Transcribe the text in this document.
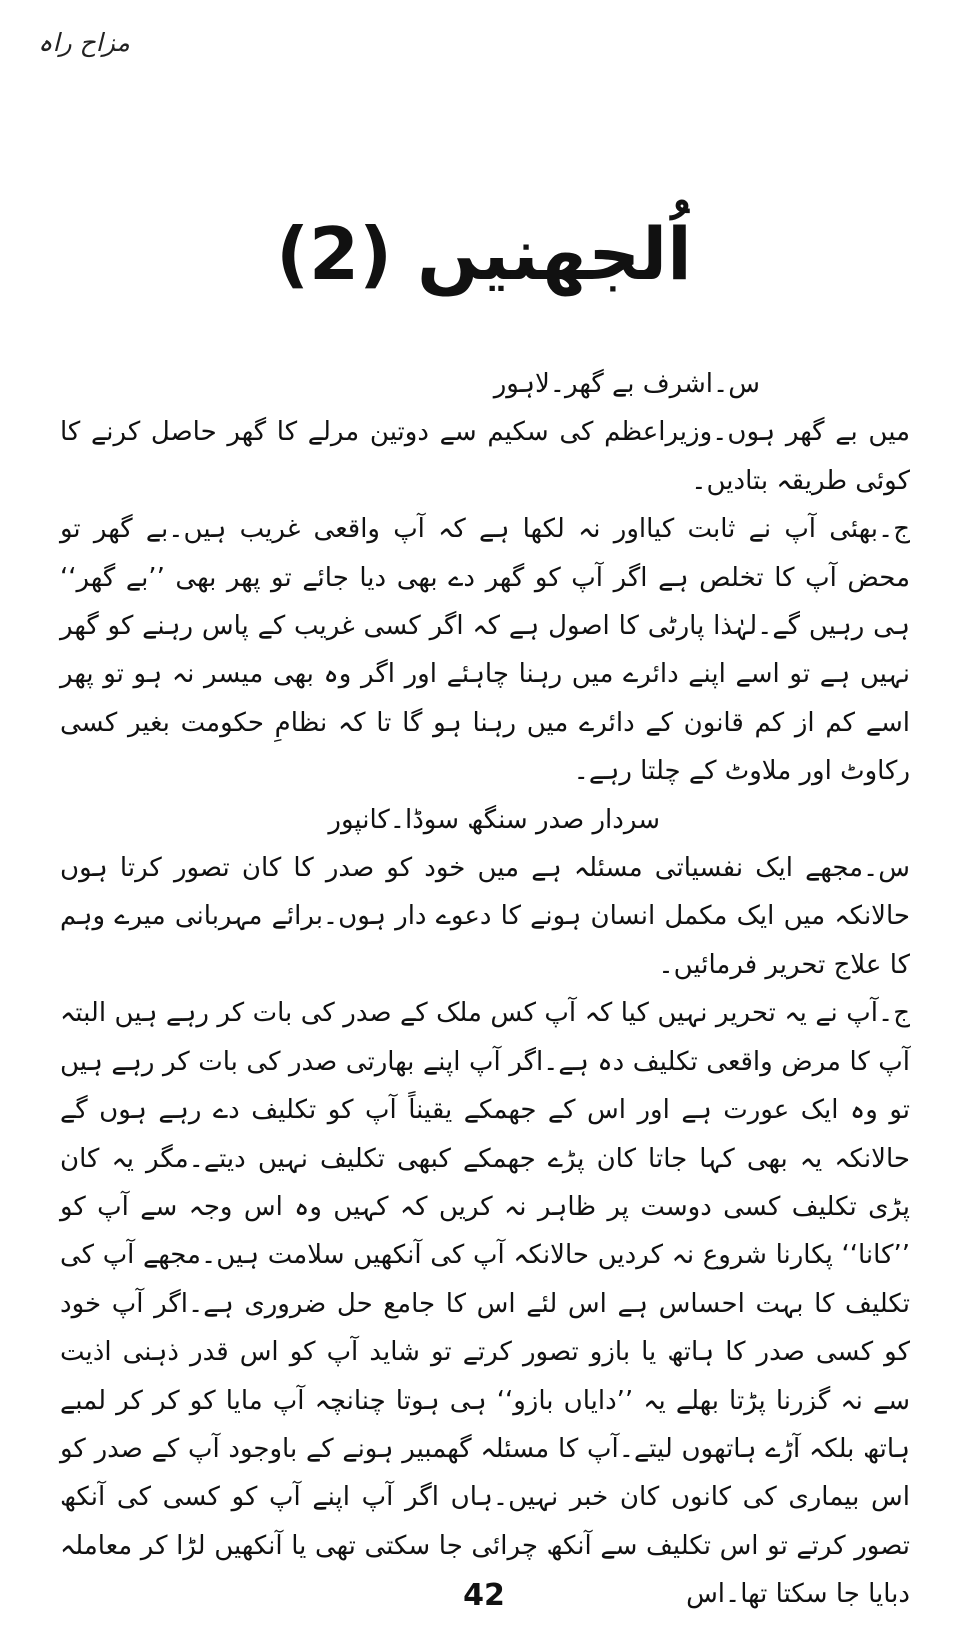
مزاح راہ
اُلجھنیں (2)

س۔اشرف بے گھر۔لاہور

میں بے گھر ہوں۔وزیراعظم کی سکیم سے دوتین مرلے کا گھر حاصل کرنے کا کوئی طریقہ بتادیں۔

ج۔بھئی آپ نے ثابت کیااور نہ لکھا ہے کہ آپ واقعی غریب ہیں۔بے گھر تو محض آپ کا تخلص ہے اگر آپ کو گھر دے بھی دیا جائے تو پھر بھی ’’بے گھر‘‘ ہی رہیں گے۔لہٰذا پارٹی کا اصول ہے کہ اگر کسی غریب کے پاس رہنے کو گھر نہیں ہے تو اسے اپنے دائرے میں رہنا چاہئے اور اگر وہ بھی میسر نہ ہو تو پھر اسے کم از کم قانون کے دائرے میں رہنا ہو گا تا کہ نظامِ حکومت بغیر کسی رکاوٹ اور ملاوٹ کے چلتا رہے۔

سردار صدر سنگھ سوڈا۔کانپور

س۔مجھے ایک نفسیاتی مسئلہ ہے میں خود کو صدر کا کان تصور کرتا ہوں حالانکہ میں ایک مکمل انسان ہونے کا دعوے دار ہوں۔برائے مہربانی میرے وہم کا علاج تحریر فرمائیں۔

ج۔آپ نے یہ تحریر نہیں کیا کہ آپ کس ملک کے صدر کی بات کر رہے ہیں البتہ آپ کا مرض واقعی تکلیف دہ ہے۔اگر آپ اپنے بھارتی صدر کی بات کر رہے ہیں تو وہ ایک عورت ہے اور اس کے جھمکے یقیناً آپ کو تکلیف دے رہے ہوں گے حالانکہ یہ بھی کہا جاتا کان پڑے جھمکے کبھی تکلیف نہیں دیتے۔مگر یہ کان پڑی تکلیف کسی دوست پر ظاہر نہ کریں کہ کہیں وہ اس وجہ سے آپ کو ’’کانا‘‘ پکارنا شروع نہ کردیں حالانکہ آپ کی آنکھیں سلامت ہیں۔مجھے آپ کی تکلیف کا بہت احساس ہے اس لئے اس کا جامع حل ضروری ہے۔اگر آپ خود کو کسی صدر کا ہاتھ یا بازو تصور کرتے تو شاید آپ کو اس قدر ذہنی اذیت سے نہ گزرنا پڑتا بھلے یہ ’’دایاں بازو‘‘ ہی ہوتا چنانچہ آپ مایا کو کر کر لمبے ہاتھ بلکہ آڑے ہاتھوں لیتے۔آپ کا مسئلہ گھمبیر ہونے کے باوجود آپ کے صدر کو اس بیماری کی کانوں کان خبر نہیں۔ہاں اگر آپ اپنے آپ کو کسی کی آنکھ تصور کرتے تو اس تکلیف سے آنکھ چرائی جا سکتی تھی یا آنکھیں لڑا کر معاملہ دبایا جا سکتا تھا۔اس

42
